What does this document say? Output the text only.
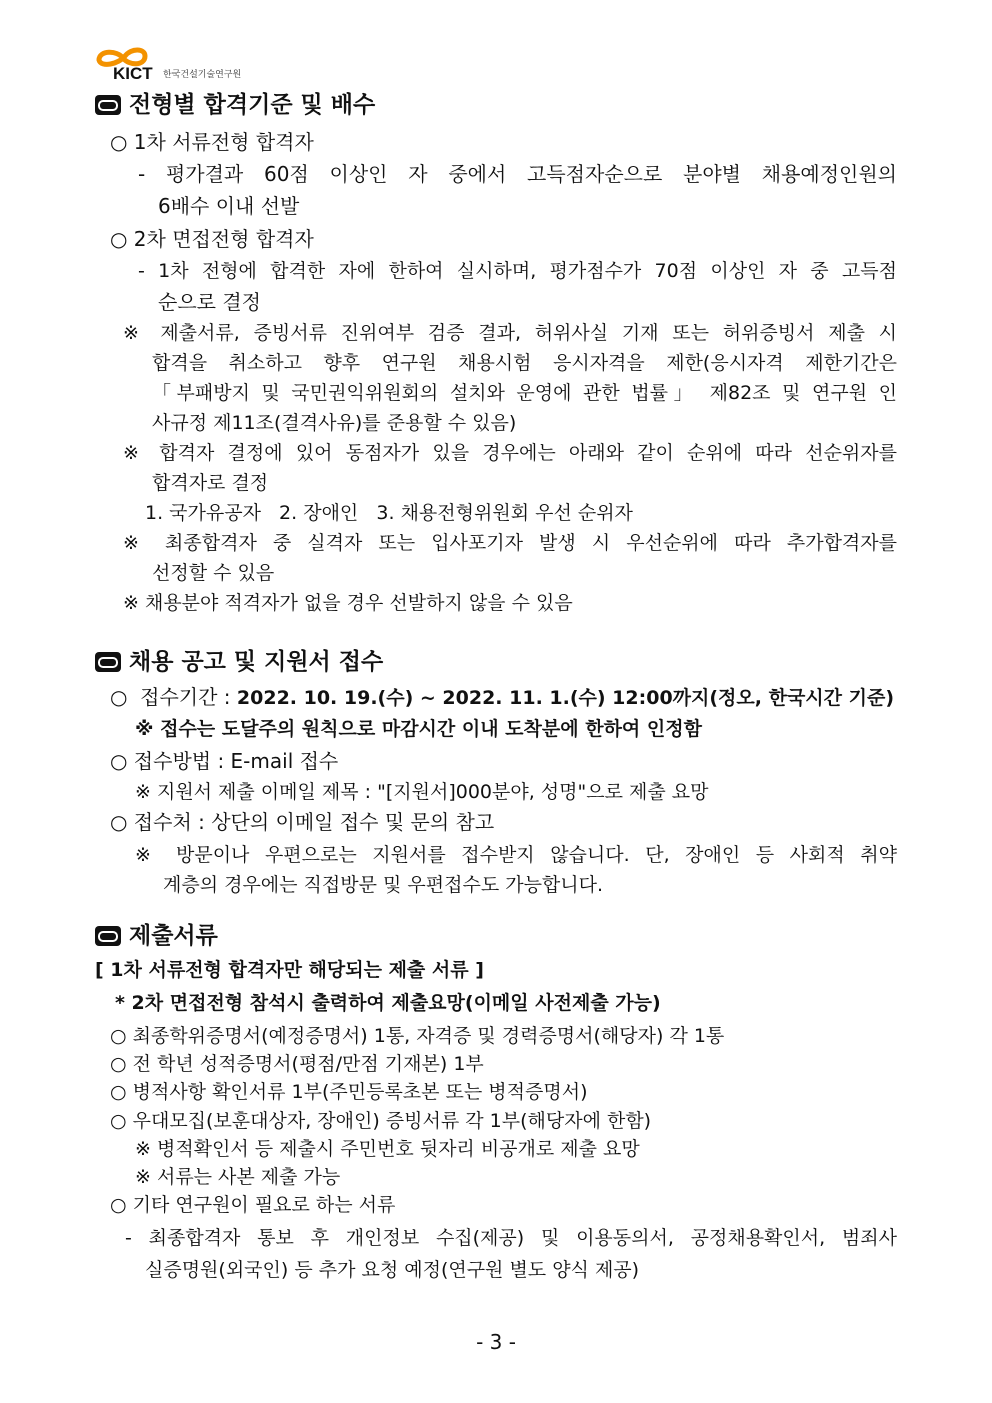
KICT 한국건설기술연구원
전형별 합격기준 및 배수
○ 1차 서류전형 합격자
- 평가결과 60점 이상인 자 중에서 고득점자순으로 분야별 채용예정인원의
6배수 이내 선발
○ 2차 면접전형 합격자
- 1차 전형에 합격한 자에 한하여 실시하며, 평가점수가 70점 이상인 자 중 고득점
순으로 결정
※ 제출서류, 증빙서류 진위여부 검증 결과, 허위사실 기재 또는 허위증빙서 제출 시
합격을 취소하고 향후 연구원 채용시험 응시자격을 제한(응시자격 제한기간은
「부패방지 및 국민권익위원회의 설치와 운영에 관한 법률」 제82조 및 연구원 인
사규정 제11조(결격사유)를 준용할 수 있음)
※ 합격자 결정에 있어 동점자가 있을 경우에는 아래와 같이 순위에 따라 선순위자를
합격자로 결정
1. 국가유공자   2. 장애인   3. 채용전형위원회 우선 순위자
※ 최종합격자 중 실격자 또는 입사포기자 발생 시 우선순위에 따라 추가합격자를
선정할 수 있음
※ 채용분야 적격자가 없을 경우 선발하지 않을 수 있음
채용 공고 및 지원서 접수
○  접수기간 : 2022. 10. 19.(수) ~ 2022. 11. 1.(수) 12:00까지(정오, 한국시간 기준)
※ 접수는 도달주의 원칙으로 마감시간 이내 도착분에 한하여 인정함
○ 접수방법 : E-mail 접수
※ 지원서 제출 이메일 제목 : "[지원서]000분야, 성명"으로 제출 요망
○ 접수처 : 상단의 이메일 접수 및 문의 참고
※ 방문이나 우편으로는 지원서를 접수받지 않습니다. 단, 장애인 등 사회적 취약
계층의 경우에는 직접방문 및 우편접수도 가능합니다.
제출서류
[ 1차 서류전형 합격자만 해당되는 제출 서류 ]
* 2차 면접전형 참석시 출력하여 제출요망(이메일 사전제출 가능)
○ 최종학위증명서(예정증명서) 1통, 자격증 및 경력증명서(해당자) 각 1통
○ 전 학년 성적증명서(평점/만점 기재본) 1부
○ 병적사항 확인서류 1부(주민등록초본 또는 병적증명서)
○ 우대모집(보훈대상자, 장애인) 증빙서류 각 1부(해당자에 한함)
※ 병적확인서 등 제출시 주민번호 뒷자리 비공개로 제출 요망
※ 서류는 사본 제출 가능
○ 기타 연구원이 필요로 하는 서류
- 최종합격자 통보 후 개인정보 수집(제공) 및 이용동의서, 공정채용확인서, 범죄사
실증명원(외국인) 등 추가 요청 예정(연구원 별도 양식 제공)
- 3 -
